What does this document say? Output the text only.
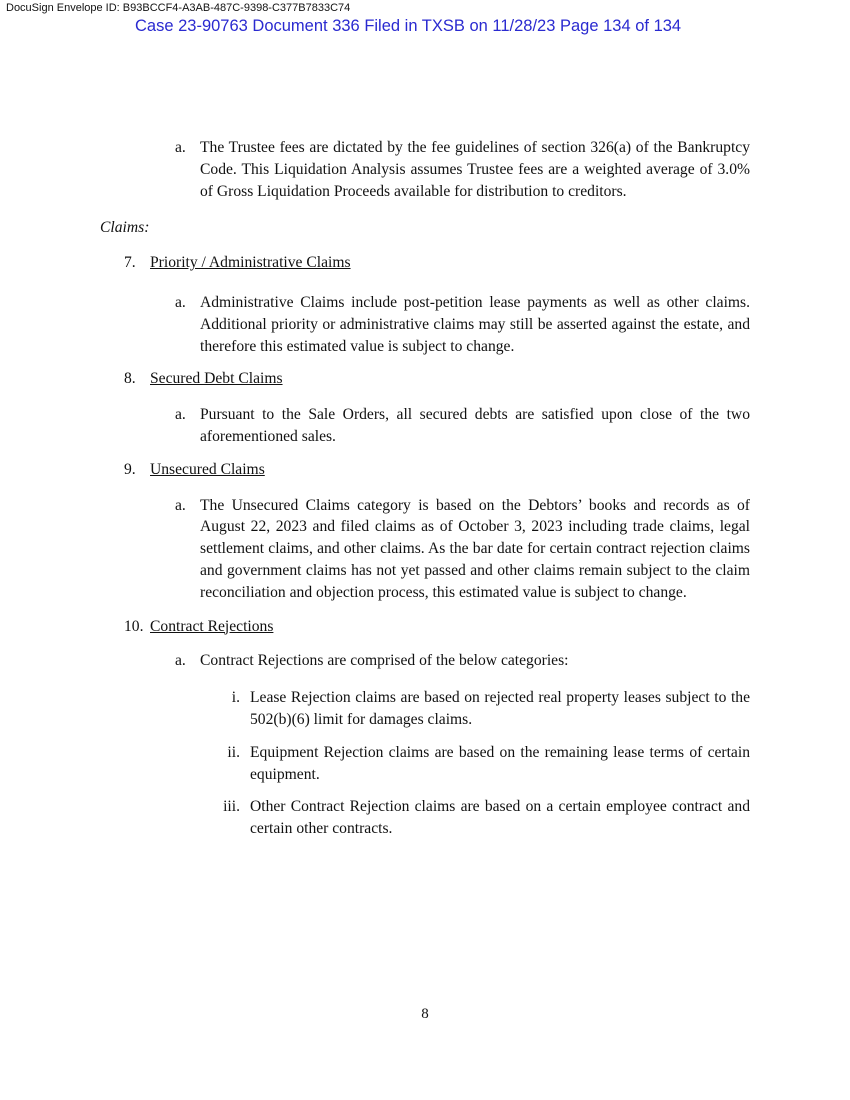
DocuSign Envelope ID: B93BCCF4-A3AB-487C-9398-C377B7833C74
Case 23-90763 Document 336 Filed in TXSB on 11/28/23 Page 134 of 134
a. The Trustee fees are dictated by the fee guidelines of section 326(a) of the Bankruptcy Code. This Liquidation Analysis assumes Trustee fees are a weighted average of 3.0% of Gross Liquidation Proceeds available for distribution to creditors.
Claims:
7. Priority / Administrative Claims
a. Administrative Claims include post-petition lease payments as well as other claims. Additional priority or administrative claims may still be asserted against the estate, and therefore this estimated value is subject to change.
8. Secured Debt Claims
a. Pursuant to the Sale Orders, all secured debts are satisfied upon close of the two aforementioned sales.
9. Unsecured Claims
a. The Unsecured Claims category is based on the Debtors’ books and records as of August 22, 2023 and filed claims as of October 3, 2023 including trade claims, legal settlement claims, and other claims. As the bar date for certain contract rejection claims and government claims has not yet passed and other claims remain subject to the claim reconciliation and objection process, this estimated value is subject to change.
10. Contract Rejections
a. Contract Rejections are comprised of the below categories:
i. Lease Rejection claims are based on rejected real property leases subject to the 502(b)(6) limit for damages claims.
ii. Equipment Rejection claims are based on the remaining lease terms of certain equipment.
iii. Other Contract Rejection claims are based on a certain employee contract and certain other contracts.
8
